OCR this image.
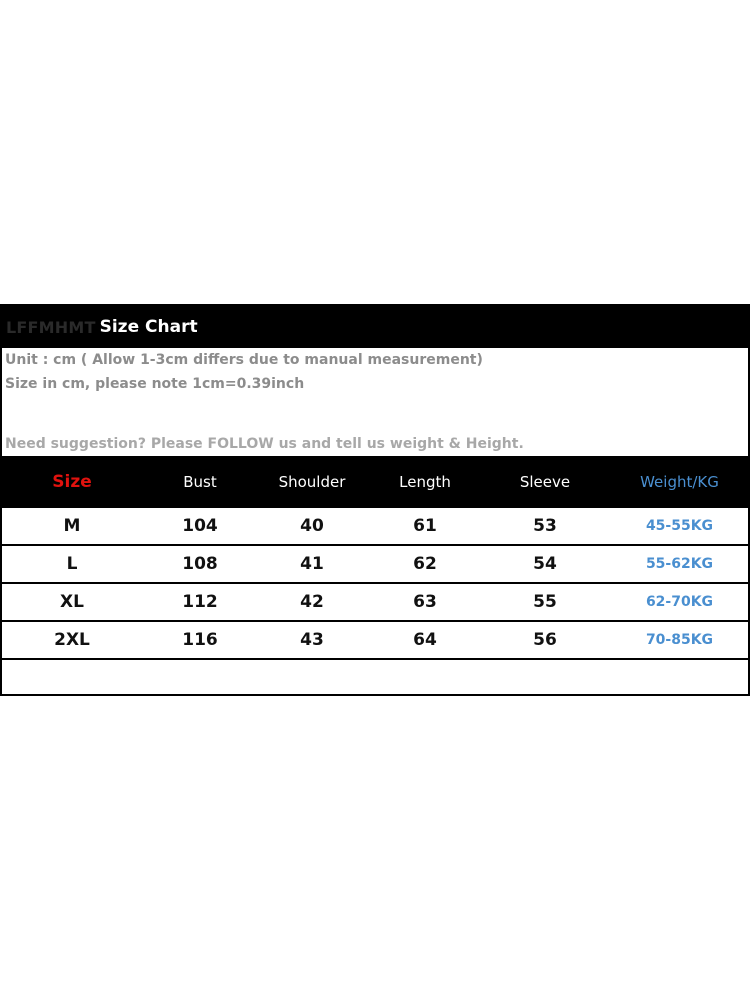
LFFMHMT Size Chart
Unit : cm ( Allow 1-3cm differs due to manual measurement)
Size in cm, please note 1cm=0.39inch
Need suggestion? Please FOLLOW us and tell us weight & Height.
Size	Bust	Shoulder	Length	Sleeve	Weight/KG
M	104	40	61	53	45-55KG
L	108	41	62	54	55-62KG
XL	112	42	63	55	62-70KG
2XL	116	43	64	56	70-85KG
